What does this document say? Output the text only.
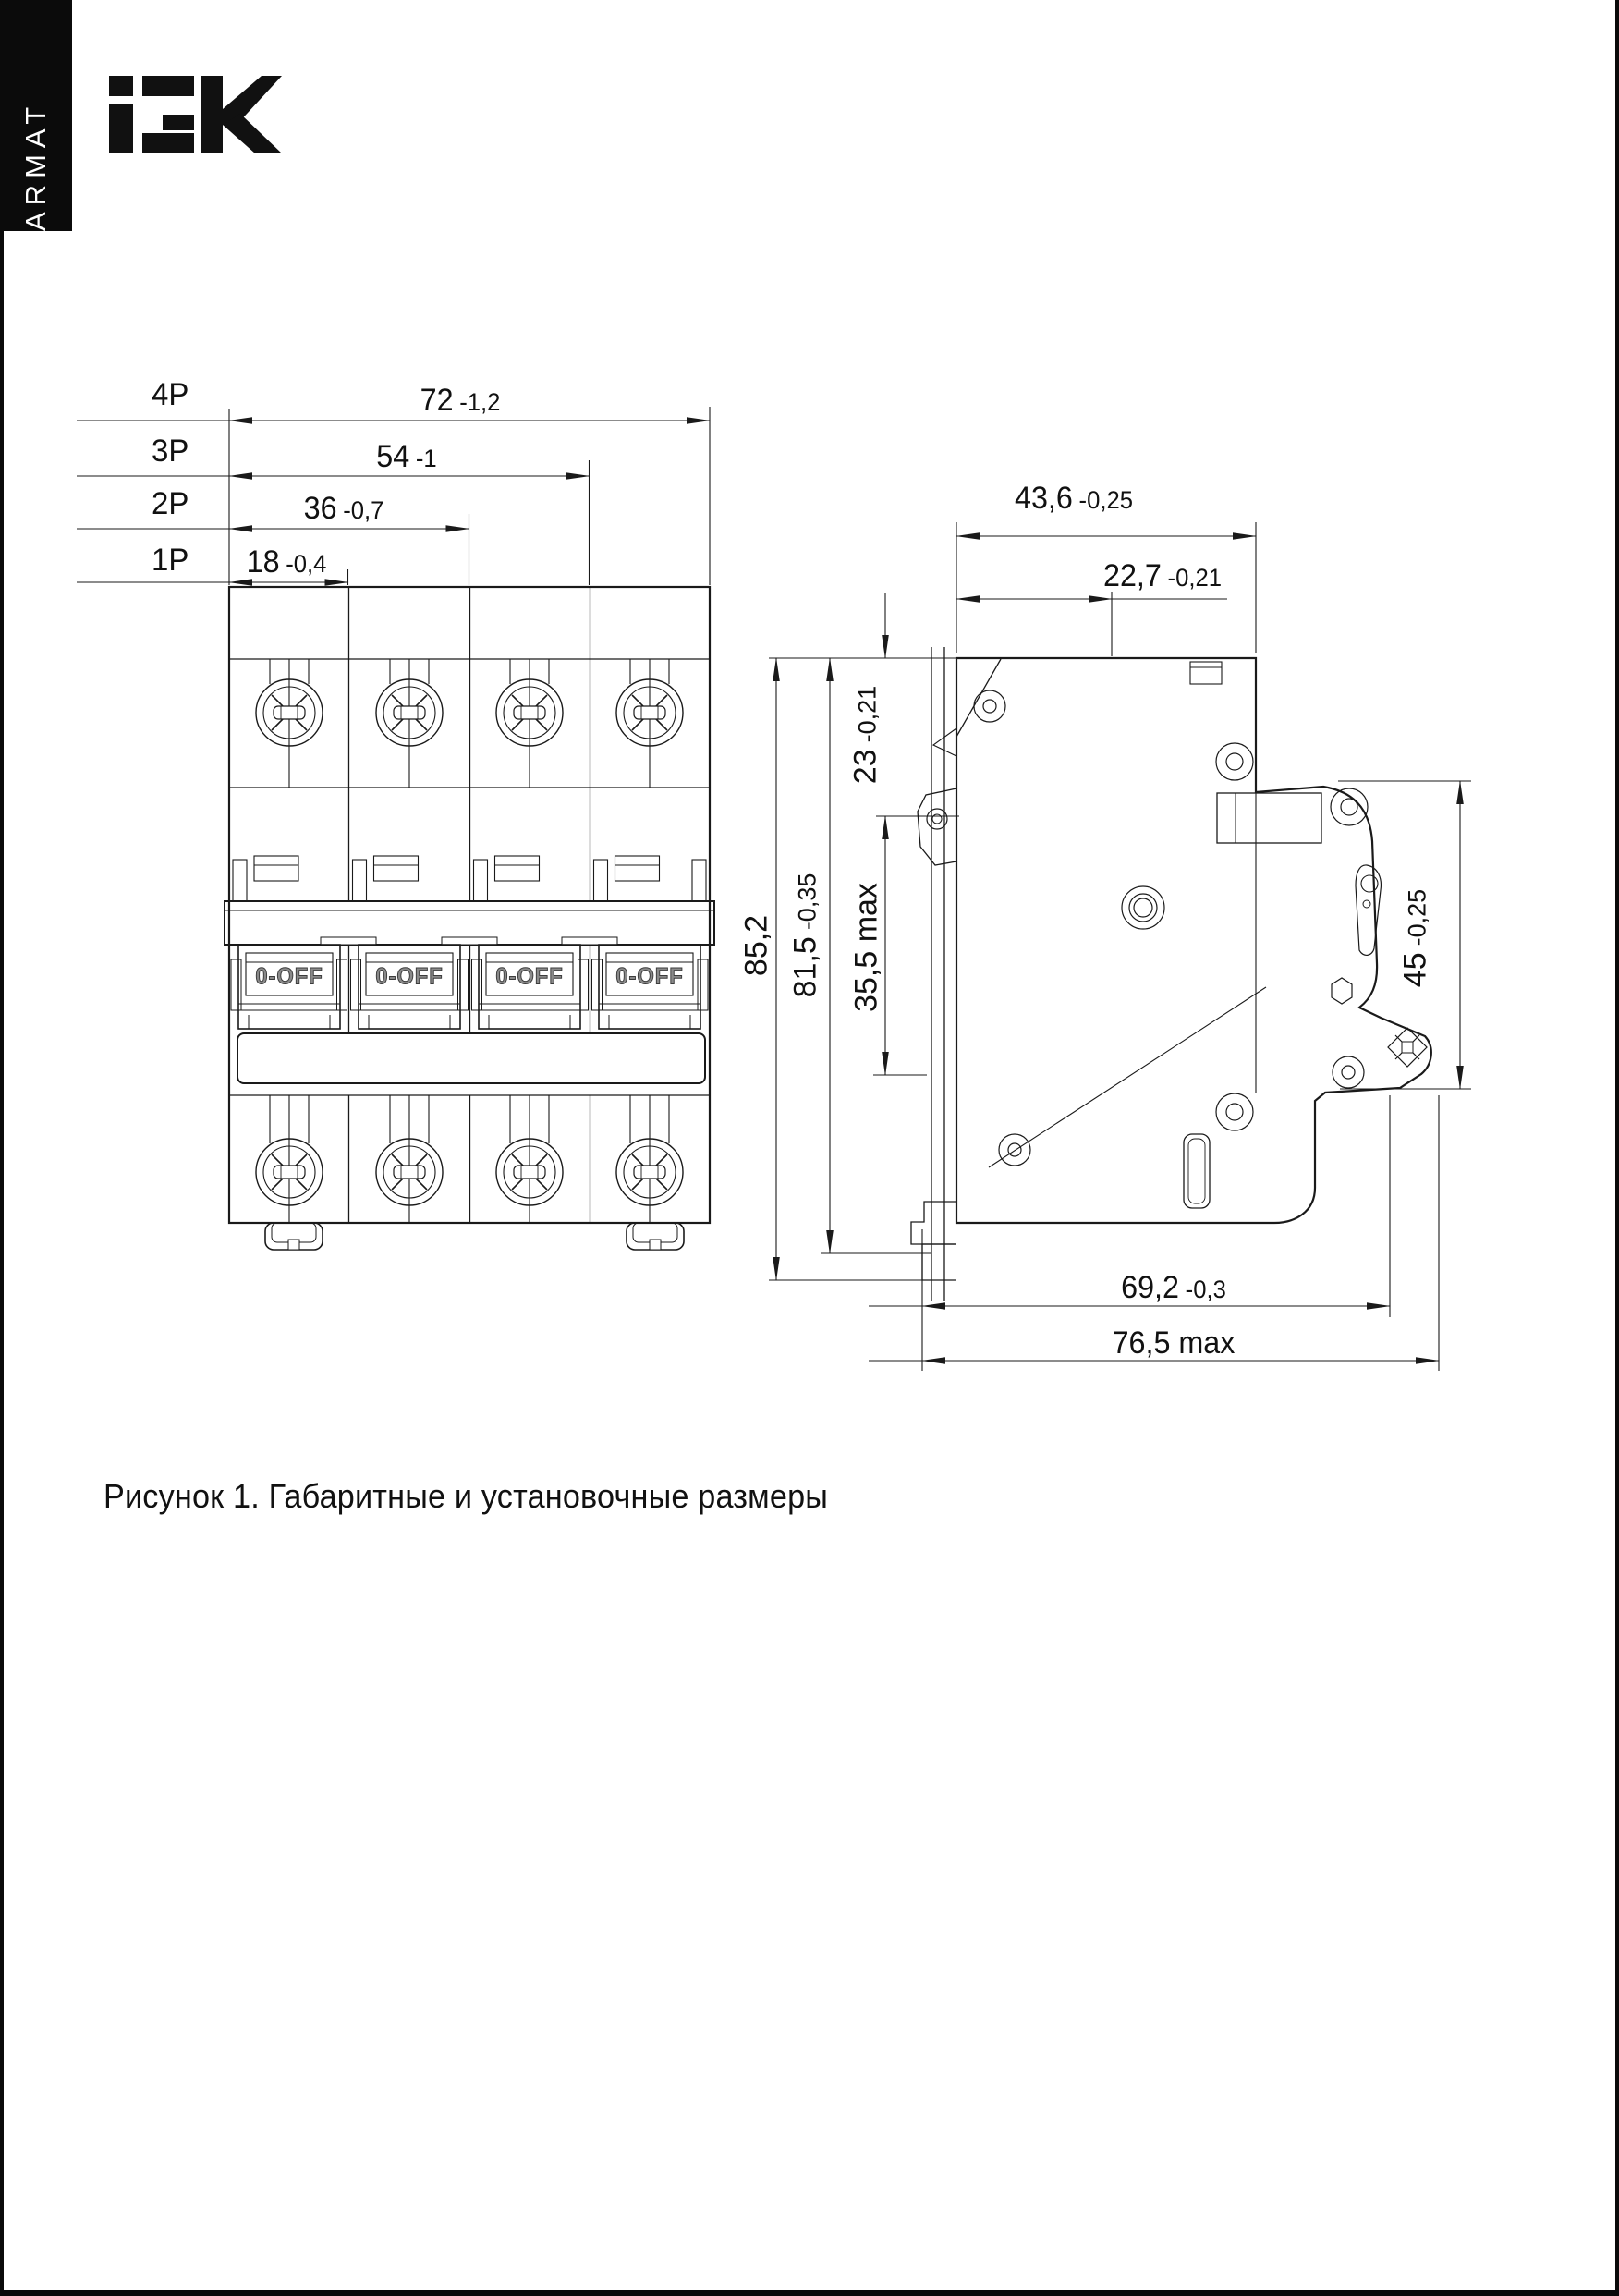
ARMAT
4P
3P
2P
1P
72 -1,2
54 -1
36 -0,7
18 -0,4
43,6 -0,25
22,7 -0,21
85,2 81,5-0,35
23-0,21
35,5 max	45-0,25
69,2 -0,3
76,5 max
0-OFF 0-OFF 0-OFF 0-OFF
Рисунок 1. Габаритные и установочные размеры
